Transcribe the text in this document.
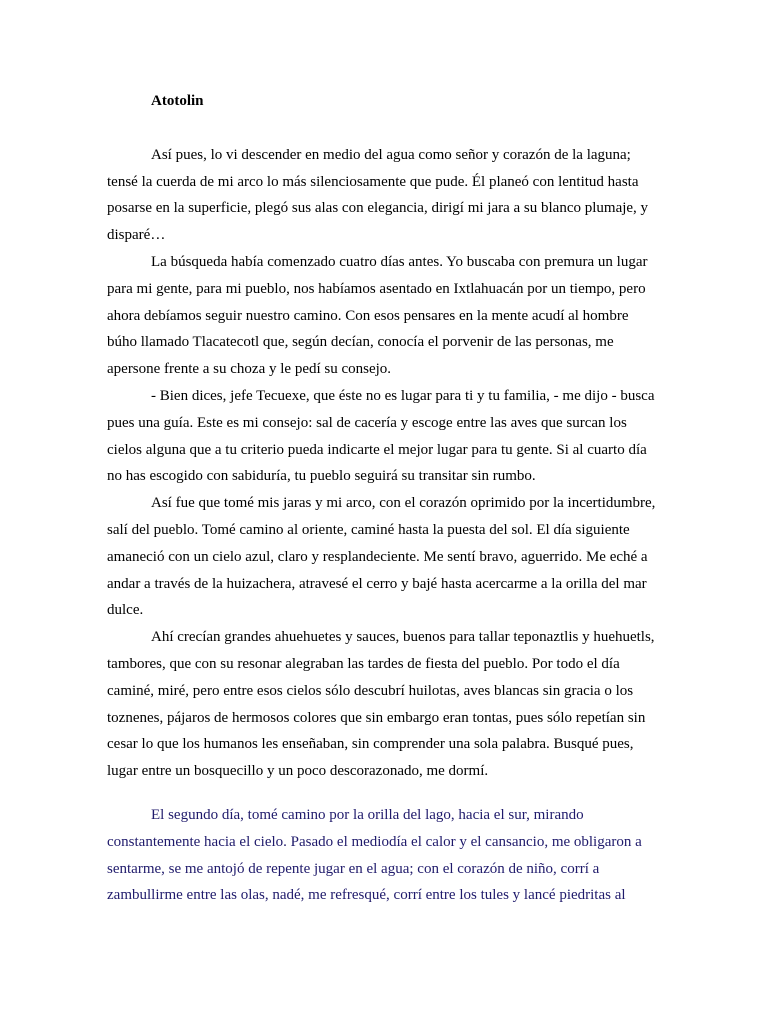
Atotolin

Así pues, lo vi descender en medio del agua como señor y corazón de la laguna; tensé la cuerda de mi arco lo más silenciosamente que pude. Él planeó con lentitud hasta posarse en la superficie, plegó sus alas con elegancia, dirigí mi jara a su blanco plumaje, y disparé…

La búsqueda había comenzado cuatro días antes. Yo buscaba con premura un lugar para mi gente, para mi pueblo, nos habíamos asentado en Ixtlahuacán por un tiempo, pero ahora debíamos seguir nuestro camino. Con esos pensares en la mente acudí al hombre búho llamado Tlacatecotl que, según decían, conocía el porvenir de las personas, me apersone frente a su choza y le pedí su consejo.

- Bien dices, jefe Tecuexe, que éste no es lugar para ti y tu familia, - me dijo - busca pues una guía. Este es mi consejo: sal de cacería y escoge entre las aves que surcan los cielos alguna que a tu criterio pueda indicarte el mejor lugar para tu gente. Si al cuarto día no has escogido con sabiduría, tu pueblo seguirá su transitar sin rumbo.

Así fue que tomé mis jaras y mi arco, con el corazón oprimido por la incertidumbre, salí del pueblo. Tomé camino al oriente, caminé hasta la puesta del sol. El día siguiente amaneció con un cielo azul, claro y resplandeciente. Me sentí bravo, aguerrido. Me eché a andar a través de la huizachera, atravesé el cerro y bajé hasta acercarme a la orilla del mar dulce.

Ahí crecían grandes ahuehuetes y sauces, buenos para tallar teponaztlis y huehuetls, tambores, que con su resonar alegraban las tardes de fiesta del pueblo. Por todo el día caminé, miré, pero entre esos cielos sólo descubrí huilotas, aves blancas sin gracia o los toznenes, pájaros de hermosos colores que sin embargo eran tontas, pues sólo repetían sin cesar lo que los humanos les enseñaban, sin comprender una sola palabra. Busqué pues, lugar entre un bosquecillo y un poco descorazonado, me dormí.

El segundo día, tomé camino por la orilla del lago, hacia el sur, mirando constantemente hacia el cielo. Pasado el mediodía el calor y el cansancio, me obligaron a sentarme, se me antojó de repente jugar en el agua; con el corazón de niño, corrí a zambullirme entre las olas, nadé, me refresqué, corrí entre los tules y lancé piedritas al
